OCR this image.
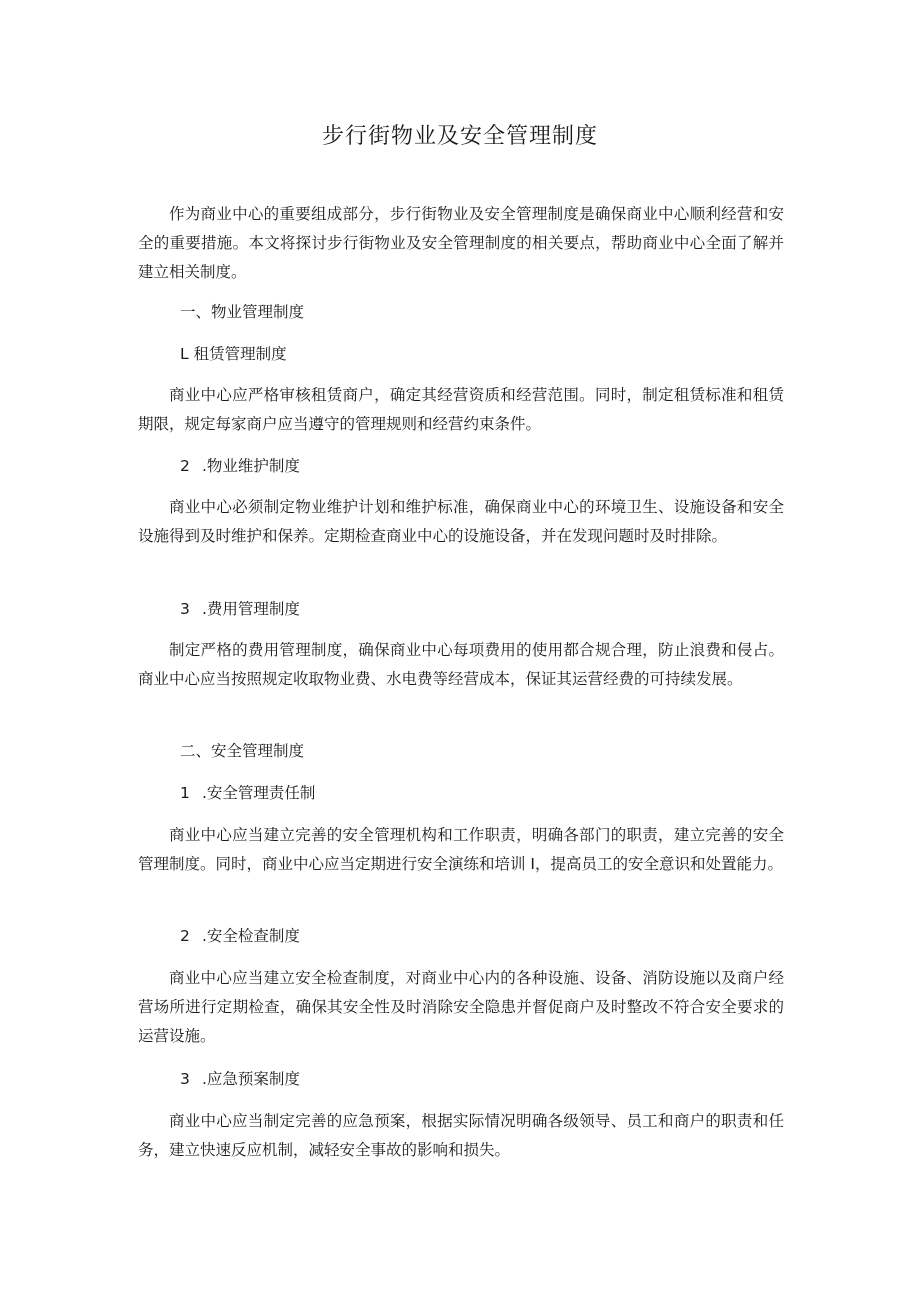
步行街物业及安全管理制度

作为商业中心的重要组成部分，步行街物业及安全管理制度是确保商业中心顺利经营和安全的重要措施。本文将探讨步行街物业及安全管理制度的相关要点，帮助商业中心全面了解并建立相关制度。

一、物业管理制度

L 租赁管理制度

商业中心应严格审核租赁商户，确定其经营资质和经营范围。同时，制定租赁标准和租赁期限，规定每家商户应当遵守的管理规则和经营约束条件。

2 .物业维护制度

商业中心必须制定物业维护计划和维护标准，确保商业中心的环境卫生、设施设备和安全设施得到及时维护和保养。定期检查商业中心的设施设备，并在发现问题时及时排除。

3 .费用管理制度

制定严格的费用管理制度，确保商业中心每项费用的使用都合规合理，防止浪费和侵占。商业中心应当按照规定收取物业费、水电费等经营成本，保证其运营经费的可持续发展。

二、安全管理制度

1 .安全管理责任制

商业中心应当建立完善的安全管理机构和工作职责，明确各部门的职责，建立完善的安全管理制度。同时，商业中心应当定期进行安全演练和培训 I，提高员工的安全意识和处置能力。

2 .安全检查制度

商业中心应当建立安全检查制度，对商业中心内的各种设施、设备、消防设施以及商户经营场所进行定期检查，确保其安全性及时消除安全隐患并督促商户及时整改不符合安全要求的运营设施。

3 .应急预案制度

商业中心应当制定完善的应急预案，根据实际情况明确各级领导、员工和商户的职责和任务，建立快速反应机制，减轻安全事故的影响和损失。
